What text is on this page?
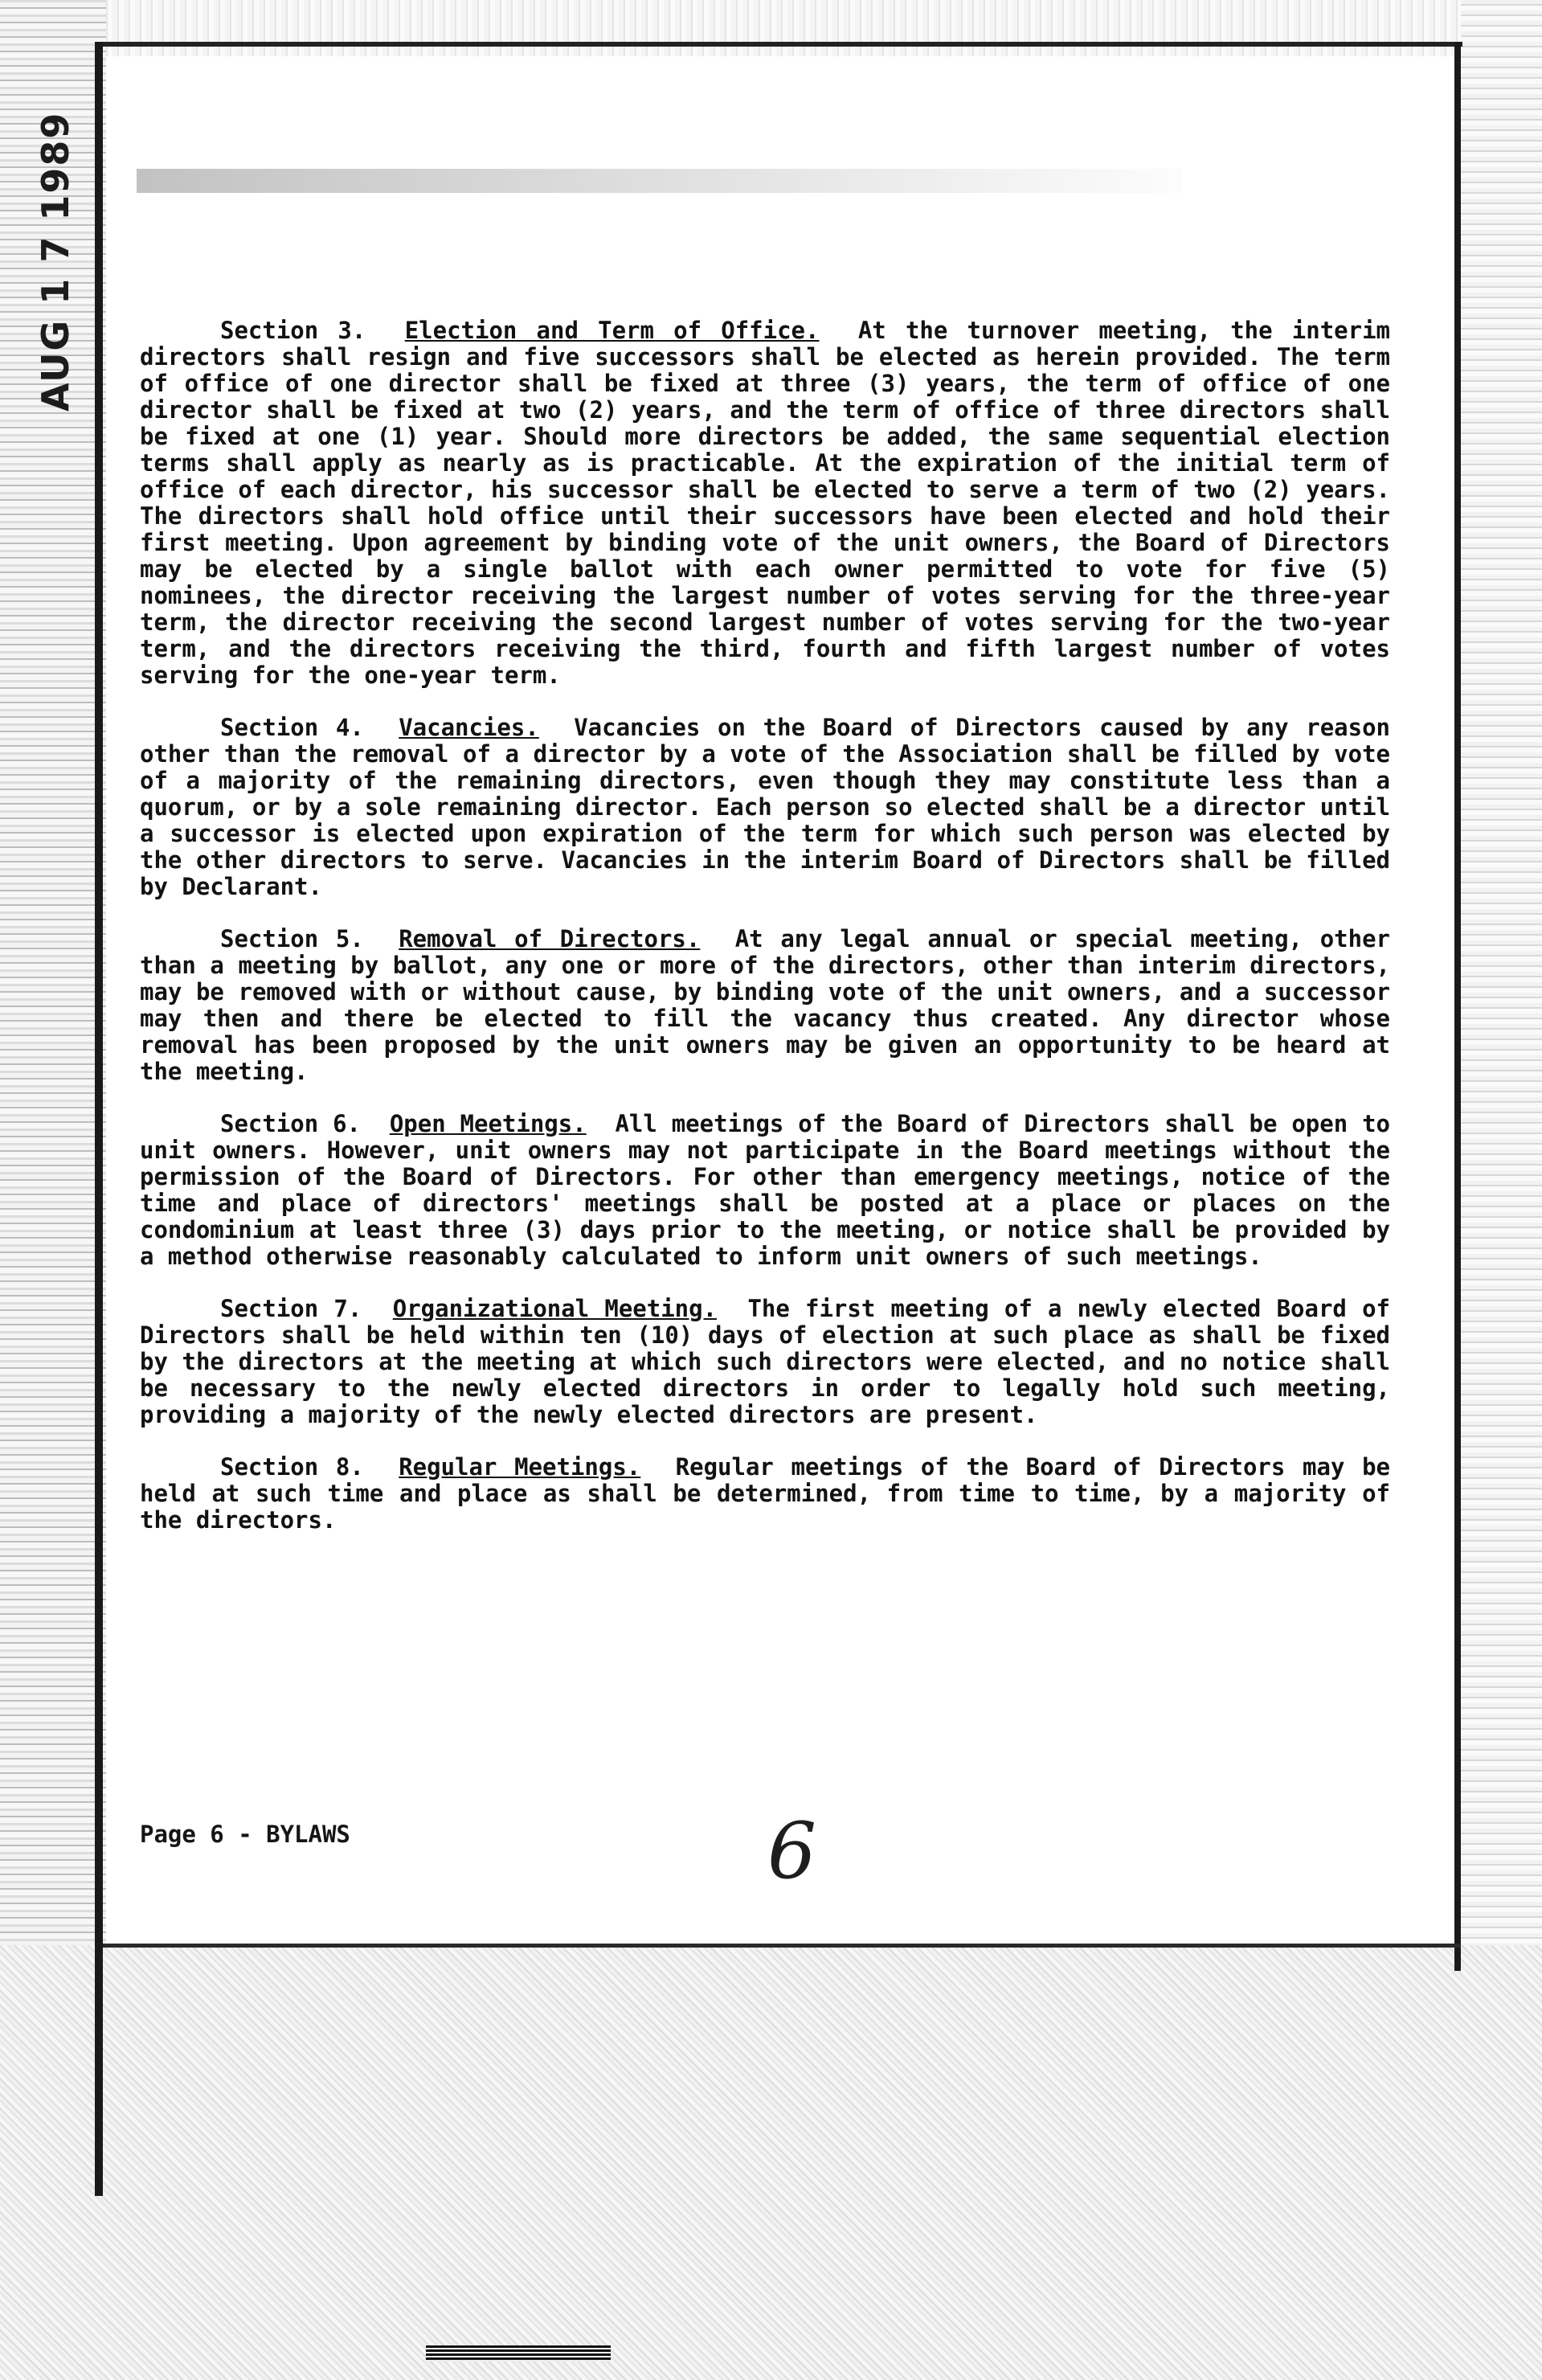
Section 3. Election and Term of Office. At the turnover meeting, the interim directors shall resign and five successors shall be elected as herein provided. The term of office of one director shall be fixed at three (3) years, the term of office of one director shall be fixed at two (2) years, and the term of office of three directors shall be fixed at one (1) year. Should more directors be added, the same sequential election terms shall apply as nearly as is practicable. At the expiration of the initial term of office of each director, his successor shall be elected to serve a term of two (2) years. The directors shall hold office until their successors have been elected and hold their first meeting. Upon agreement by binding vote of the unit owners, the Board of Directors may be elected by a single ballot with each owner permitted to vote for five (5) nominees, the director receiving the largest number of votes serving for the three-year term, the director receiving the second largest number of votes serving for the two-year term, and the directors receiving the third, fourth and fifth largest number of votes serving for the one-year term.

Section 4. Vacancies. Vacancies on the Board of Directors caused by any reason other than the removal of a director by a vote of the Association shall be filled by vote of a majority of the remaining directors, even though they may constitute less than a quorum, or by a sole remaining director. Each person so elected shall be a director until a successor is elected upon expiration of the term for which such person was elected by the other directors to serve. Vacancies in the interim Board of Directors shall be filled by Declarant.

Section 5. Removal of Directors. At any legal annual or special meeting, other than a meeting by ballot, any one or more of the directors, other than interim directors, may be removed with or without cause, by binding vote of the unit owners, and a successor may then and there be elected to fill the vacancy thus created. Any director whose removal has been proposed by the unit owners may be given an opportunity to be heard at the meeting.

Section 6. Open Meetings. All meetings of the Board of Directors shall be open to unit owners. However, unit owners may not participate in the Board meetings without the permission of the Board of Directors. For other than emergency meetings, notice of the time and place of directors' meetings shall be posted at a place or places on the condominium at least three (3) days prior to the meeting, or notice shall be provided by a method otherwise reasonably calculated to inform unit owners of such meetings.

Section 7. Organizational Meeting. The first meeting of a newly elected Board of Directors shall be held within ten (10) days of election at such place as shall be fixed by the directors at the meeting at which such directors were elected, and no notice shall be necessary to the newly elected directors in order to legally hold such meeting, providing a majority of the newly elected directors are present.

Section 8. Regular Meetings. Regular meetings of the Board of Directors may be held at such time and place as shall be determined, from time to time, by a majority of the directors.

Page 6 - BYLAWS	6
